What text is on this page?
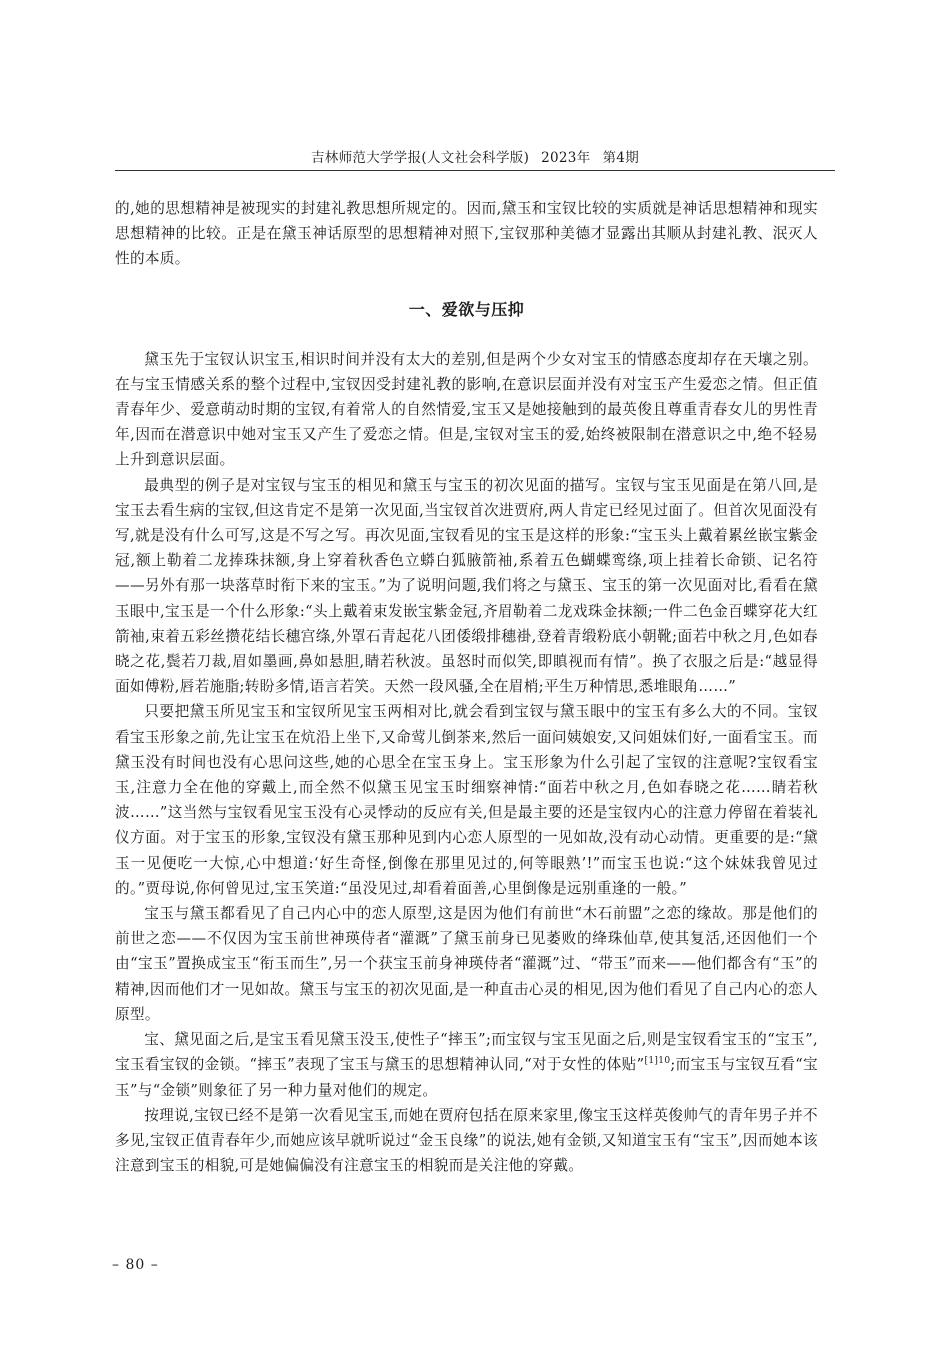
吉林师范大学学报(人文社会科学版) 2023年 第4期

的,她的思想精神是被现实的封建礼教思想所规定的。因而,黛玉和宝钗比较的实质就是神话思想精神和现实思想精神的比较。正是在黛玉神话原型的思想精神对照下,宝钗那种美德才显露出其顺从封建礼教、泯灭人性的本质。

一、爱欲与压抑

黛玉先于宝钗认识宝玉,相识时间并没有太大的差别,但是两个少女对宝玉的情感态度却存在天壤之别。在与宝玉情感关系的整个过程中,宝钗因受封建礼教的影响,在意识层面并没有对宝玉产生爱恋之情。但正值青春年少、爱意萌动时期的宝钗,有着常人的自然情爱,宝玉又是她接触到的最英俊且尊重青春女儿的男性青年,因而在潜意识中她对宝玉又产生了爱恋之情。但是,宝钗对宝玉的爱,始终被限制在潜意识之中,绝不轻易上升到意识层面。

最典型的例子是对宝钗与宝玉的相见和黛玉与宝玉的初次见面的描写。宝钗与宝玉见面是在第八回,是宝玉去看生病的宝钗,但这肯定不是第一次见面,当宝钗首次进贾府,两人肯定已经见过面了。但首次见面没有写,就是没有什么可写,这是不写之写。再次见面,宝钗看见的宝玉是这样的形象:“宝玉头上戴着累丝嵌宝紫金冠,额上勒着二龙捧珠抹额,身上穿着秋香色立蟒白狐腋箭袖,系着五色蝴蝶鸾绦,项上挂着长命锁、记名符——另外有那一块落草时衔下来的宝玉。”为了说明问题,我们将之与黛玉、宝玉的第一次见面对比,看看在黛玉眼中,宝玉是一个什么形象:“头上戴着束发嵌宝紫金冠,齐眉勒着二龙戏珠金抹额;一件二色金百蝶穿花大红箭袖,束着五彩丝攒花结长穗宫绦,外罩石青起花八团倭缎排穗褂,登着青缎粉底小朝靴;面若中秋之月,色如春晓之花,鬓若刀裁,眉如墨画,鼻如悬胆,睛若秋波。虽怒时而似笑,即瞋视而有情”。换了衣服之后是:“越显得面如傅粉,唇若施脂;转盼多情,语言若笑。天然一段风骚,全在眉梢;平生万种情思,悉堆眼角……”

只要把黛玉所见宝玉和宝钗所见宝玉两相对比,就会看到宝钗与黛玉眼中的宝玉有多么大的不同。宝钗看宝玉形象之前,先让宝玉在炕沿上坐下,又命莺儿倒茶来,然后一面问姨娘安,又问姐妹们好,一面看宝玉。而黛玉没有时间也没有心思问这些,她的心思全在宝玉身上。宝玉形象为什么引起了宝钗的注意呢?宝钗看宝玉,注意力全在他的穿戴上,而全然不似黛玉见宝玉时细察神情:“面若中秋之月,色如春晓之花……睛若秋波……”这当然与宝钗看见宝玉没有心灵悸动的反应有关,但是最主要的还是宝钗内心的注意力停留在着装礼仪方面。对于宝玉的形象,宝钗没有黛玉那种见到内心恋人原型的一见如故,没有动心动情。更重要的是:“黛玉一见便吃一大惊,心中想道:‘好生奇怪,倒像在那里见过的,何等眼熟’!”而宝玉也说:“这个妹妹我曾见过的。”贾母说,你何曾见过,宝玉笑道:“虽没见过,却看着面善,心里倒像是远别重逢的一般。”

宝玉与黛玉都看见了自己内心中的恋人原型,这是因为他们有前世“木石前盟”之恋的缘故。那是他们的前世之恋——不仅因为宝玉前世神瑛侍者“灌溉”了黛玉前身已见萎败的绛珠仙草,使其复活,还因他们一个由“宝玉”置换成宝玉“衔玉而生”,另一个获宝玉前身神瑛侍者“灌溉”过、“带玉”而来——他们都含有“玉”的精神,因而他们才一见如故。黛玉与宝玉的初次见面,是一种直击心灵的相见,因为他们看见了自己内心的恋人原型。

宝、黛见面之后,是宝玉看见黛玉没玉,使性子“摔玉”;而宝钗与宝玉见面之后,则是宝钗看宝玉的“宝玉”,宝玉看宝钗的金锁。“摔玉”表现了宝玉与黛玉的思想精神认同,“对于女性的体贴”$^{[1]10}$;而宝玉与宝钗互看“宝玉”与“金锁”则象征了另一种力量对他们的规定。

按理说,宝钗已经不是第一次看见宝玉,而她在贾府包括在原来家里,像宝玉这样英俊帅气的青年男子并不多见,宝钗正值青春年少,而她应该早就听说过“金玉良缘”的说法,她有金锁,又知道宝玉有“宝玉”,因而她本该注意到宝玉的相貌,可是她偏偏没有注意宝玉的相貌而是关注他的穿戴。

– 80 –
